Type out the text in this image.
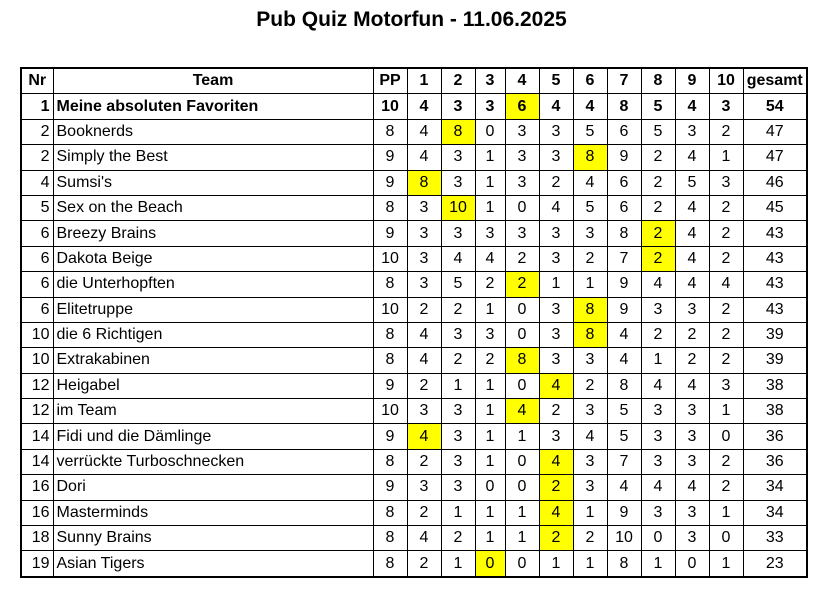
Pub Quiz Motorfun - 11.06.2025
Nr	Team	PP	1	2	3	4	5	6	7	8	9	10	gesamt
1	Meine absoluten Favoriten	10	4	3	3	6	4	4	8	5	4	3	54
2	Booknerds	8	4	8	0	3	3	5	6	5	3	2	47
2	Simply the Best	9	4	3	1	3	3	8	9	2	4	1	47
4	Sumsi's	9	8	3	1	3	2	4	6	2	5	3	46
5	Sex on the Beach	8	3	10	1	0	4	5	6	2	4	2	45
6	Breezy Brains	9	3	3	3	3	3	3	8	2	4	2	43
6	Dakota Beige	10	3	4	4	2	3	2	7	2	4	2	43
6	die Unterhopften	8	3	5	2	2	1	1	9	4	4	4	43
6	Elitetruppe	10	2	2	1	0	3	8	9	3	3	2	43
10	die 6 Richtigen	8	4	3	3	0	3	8	4	2	2	2	39
10	Extrakabinen	8	4	2	2	8	3	3	4	1	2	2	39
12	Heigabel	9	2	1	1	0	4	2	8	4	4	3	38
12	im Team	10	3	3	1	4	2	3	5	3	3	1	38
14	Fidi und die Dämlinge	9	4	3	1	1	3	4	5	3	3	0	36
14	verrückte Turboschnecken	8	2	3	1	0	4	3	7	3	3	2	36
16	Dori	9	3	3	0	0	2	3	4	4	4	2	34
16	Masterminds	8	2	1	1	1	4	1	9	3	3	1	34
18	Sunny Brains	8	4	2	1	1	2	2	10	0	3	0	33
19	Asian Tigers	8	2	1	0	0	1	1	8	1	0	1	23
